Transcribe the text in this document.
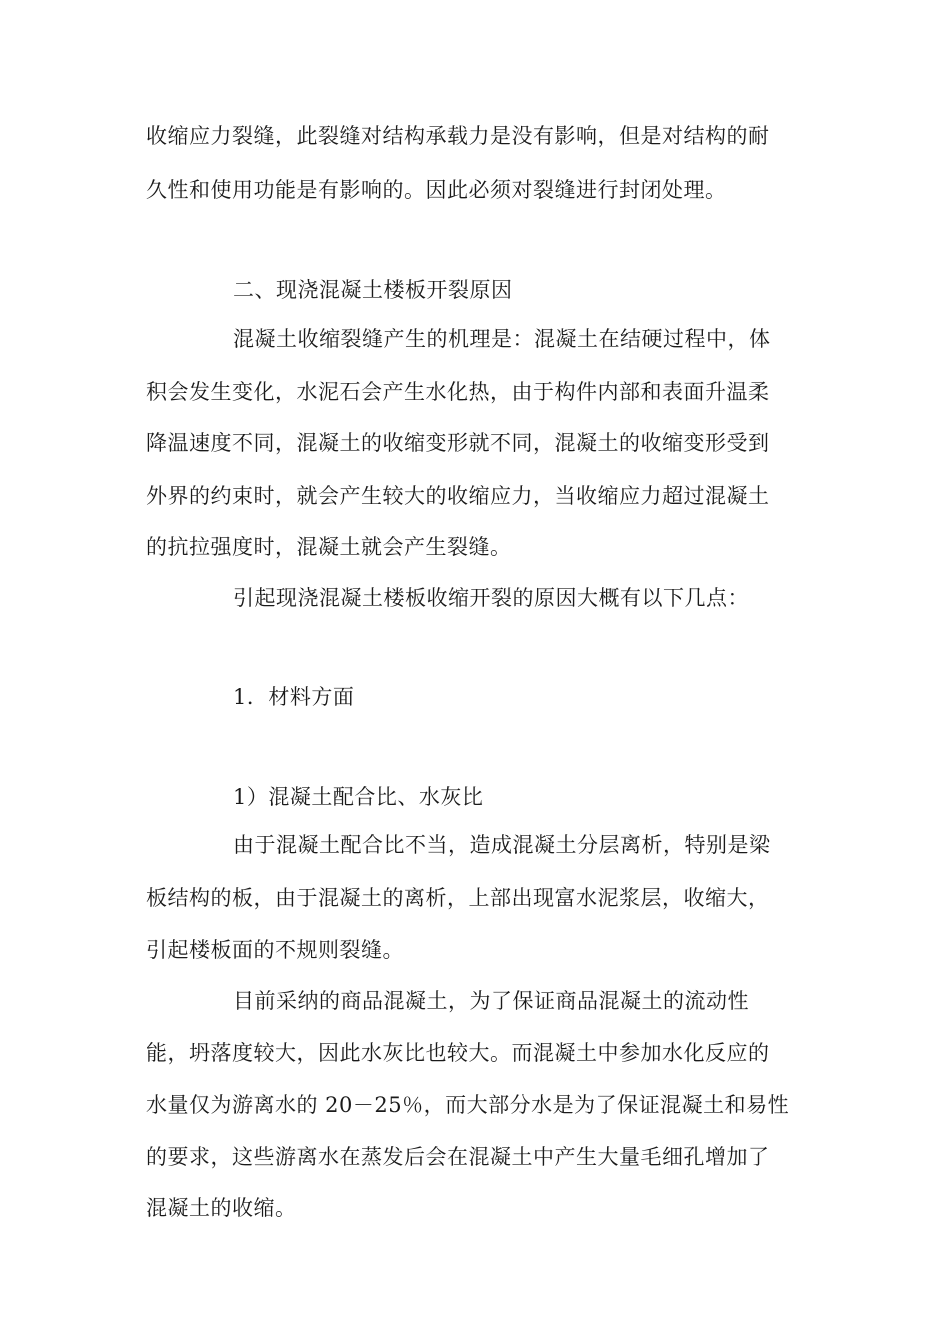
收缩应力裂缝，此裂缝对结构承载力是没有影响，但是对结构的耐
久性和使用功能是有影响的。因此必须对裂缝进行封闭处理。
二、现浇混凝土楼板开裂原因
混凝土收缩裂缝产生的机理是：混凝土在结硬过程中，体
积会发生变化，水泥石会产生水化热，由于构件内部和表面升温柔
降温速度不同，混凝土的收缩变形就不同，混凝土的收缩变形受到
外界的约束时，就会产生较大的收缩应力，当收缩应力超过混凝土
的抗拉强度时，混凝土就会产生裂缝。
引起现浇混凝土楼板收缩开裂的原因大概有以下几点：
1．材料方面
1）混凝土配合比、水灰比
由于混凝土配合比不当，造成混凝土分层离析，特别是梁
板结构的板，由于混凝土的离析，上部出现富水泥浆层，收缩大，
引起楼板面的不规则裂缝。
目前采纳的商品混凝土，为了保证商品混凝土的流动性
能，坍落度较大，因此水灰比也较大。而混凝土中参加水化反应的
水量仅为游离水的 20－25％，而大部分水是为了保证混凝土和易性
的要求，这些游离水在蒸发后会在混凝土中产生大量毛细孔增加了
混凝土的收缩。
